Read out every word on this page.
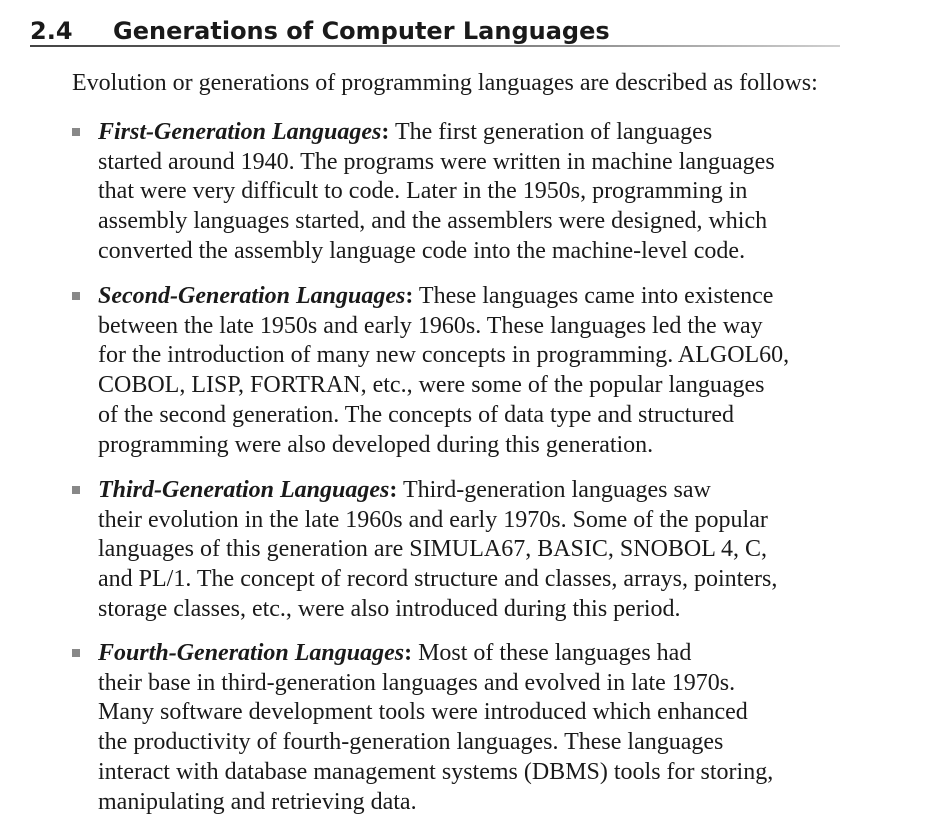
2.4 Generations of Computer Languages
Evolution or generations of programming languages are described as follows:
First-Generation Languages: The first generation of languages
started around 1940. The programs were written in machine languages
that were very difficult to code. Later in the 1950s, programming in
assembly languages started, and the assemblers were designed, which
converted the assembly language code into the machine-level code.
Second-Generation Languages: These languages came into existence
between the late 1950s and early 1960s. These languages led the way
for the introduction of many new concepts in programming. ALGOL60,
COBOL, LISP, FORTRAN, etc., were some of the popular languages
of the second generation. The concepts of data type and structured
programming were also developed during this generation.
Third-Generation Languages: Third-generation languages saw
their evolution in the late 1960s and early 1970s. Some of the popular
languages of this generation are SIMULA67, BASIC, SNOBOL 4, C,
and PL/1. The concept of record structure and classes, arrays, pointers,
storage classes, etc., were also introduced during this period.
Fourth-Generation Languages: Most of these languages had
their base in third-generation languages and evolved in late 1970s.
Many software development tools were introduced which enhanced
the productivity of fourth-generation languages. These languages
interact with database management systems (DBMS) tools for storing,
manipulating and retrieving data.
